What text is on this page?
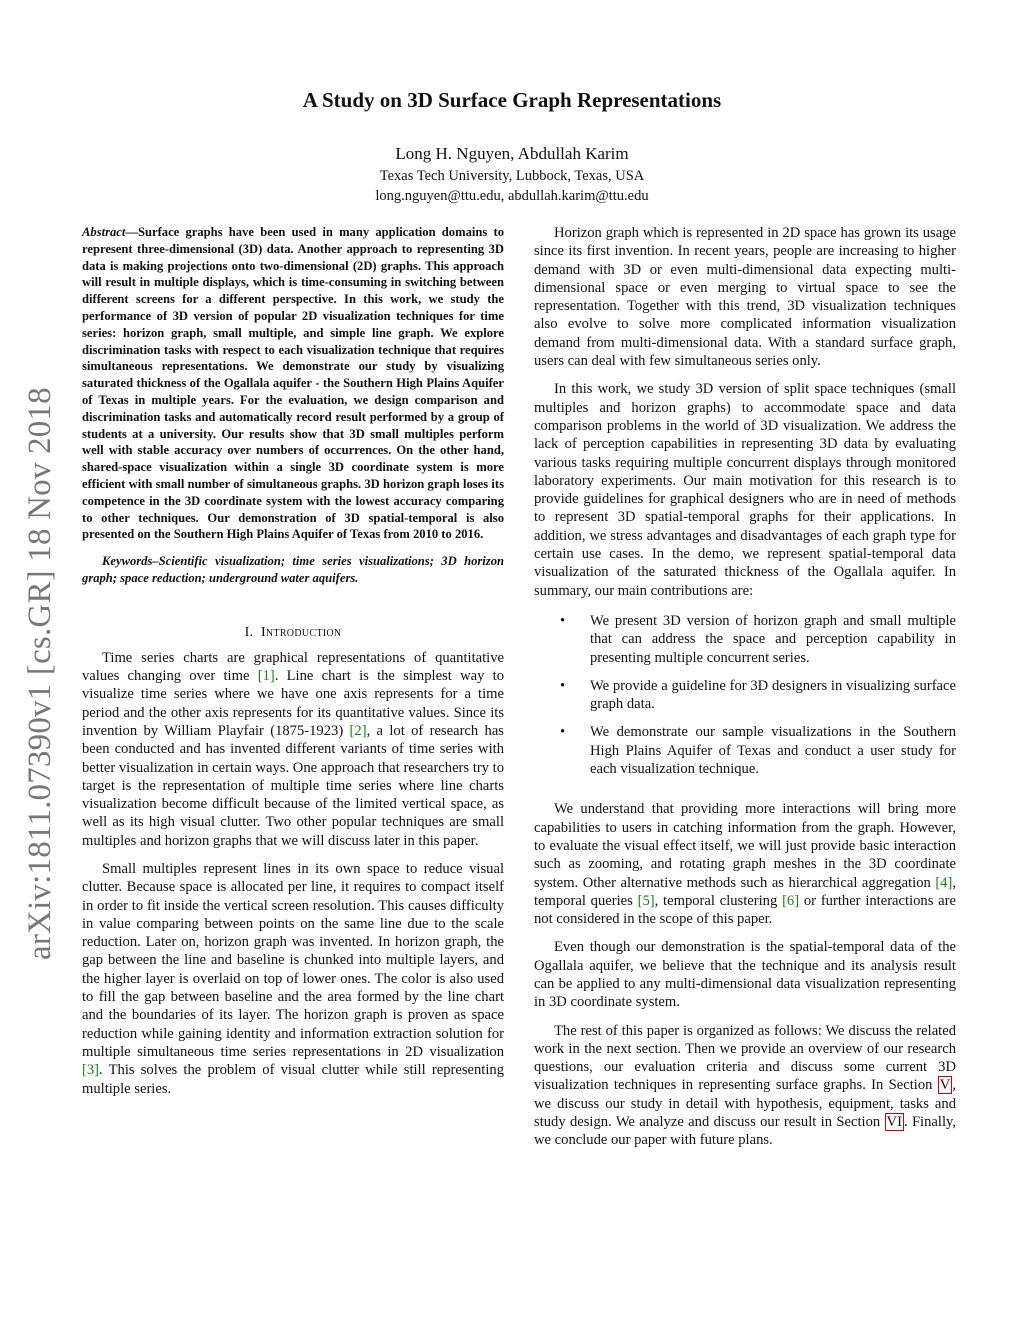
arXiv:1811.07390v1 [cs.GR] 18 Nov 2018
A Study on 3D Surface Graph Representations
Long H. Nguyen, Abdullah Karim
Texas Tech University, Lubbock, Texas, USA
long.nguyen@ttu.edu, abdullah.karim@ttu.edu

Abstract—Surface graphs have been used in many application domains to represent three-dimensional (3D) data. Another approach to representing 3D data is making projections onto two-dimensional (2D) graphs. This approach will result in multiple displays, which is time-consuming in switching between different screens for a different perspective. In this work, we study the performance of 3D version of popular 2D visualization techniques for time series: horizon graph, small multiple, and simple line graph. We explore discrimination tasks with respect to each visualization technique that requires simultaneous representations. We demonstrate our study by visualizing saturated thickness of the Ogallala aquifer - the Southern High Plains Aquifer of Texas in multiple years. For the evaluation, we design comparison and discrimination tasks and automatically record result performed by a group of students at a university. Our results show that 3D small multiples perform well with stable accuracy over numbers of occurrences. On the other hand, shared-space visualization within a single 3D coordinate system is more efficient with small number of simultaneous graphs. 3D horizon graph loses its competence in the 3D coordinate system with the lowest accuracy comparing to other techniques. Our demonstration of 3D spatial-temporal is also presented on the Southern High Plains Aquifer of Texas from 2010 to 2016.

Keywords–Scientific visualization; time series visualizations; 3D horizon graph; space reduction; underground water aquifers.

I. Introduction

Time series charts are graphical representations of quantitative values changing over time [1]. Line chart is the simplest way to visualize time series where we have one axis represents for a time period and the other axis represents for its quantitative values. Since its invention by William Playfair (1875-1923) [2], a lot of research has been conducted and has invented different variants of time series with better visualization in certain ways. One approach that researchers try to target is the representation of multiple time series where line charts visualization become difficult because of the limited vertical space, as well as its high visual clutter. Two other popular techniques are small multiples and horizon graphs that we will discuss later in this paper.

Small multiples represent lines in its own space to reduce visual clutter. Because space is allocated per line, it requires to compact itself in order to fit inside the vertical screen resolution. This causes difficulty in value comparing between points on the same line due to the scale reduction. Later on, horizon graph was invented. In horizon graph, the gap between the line and baseline is chunked into multiple layers, and the higher layer is overlaid on top of lower ones. The color is also used to fill the gap between baseline and the area formed by the line chart and the boundaries of its layer. The horizon graph is proven as space reduction while gaining identity and information extraction solution for multiple simultaneous time series representations in 2D visualization [3]. This solves the problem of visual clutter while still representing multiple series.

Horizon graph which is represented in 2D space has grown its usage since its first invention. In recent years, people are increasing to higher demand with 3D or even multi-dimensional data expecting multi-dimensional space or even merging to virtual space to see the representation. Together with this trend, 3D visualization techniques also evolve to solve more complicated information visualization demand from multi-dimensional data. With a standard surface graph, users can deal with few simultaneous series only.

In this work, we study 3D version of split space techniques (small multiples and horizon graphs) to accommodate space and data comparison problems in the world of 3D visualization. We address the lack of perception capabilities in representing 3D data by evaluating various tasks requiring multiple concurrent displays through monitored laboratory experiments. Our main motivation for this research is to provide guidelines for graphical designers who are in need of methods to represent 3D spatial-temporal graphs for their applications. In addition, we stress advantages and disadvantages of each graph type for certain use cases. In the demo, we represent spatial-temporal data visualization of the saturated thickness of the Ogallala aquifer. In summary, our main contributions are:

• We present 3D version of horizon graph and small multiple that can address the space and perception capability in presenting multiple concurrent series.
• We provide a guideline for 3D designers in visualizing surface graph data.
• We demonstrate our sample visualizations in the Southern High Plains Aquifer of Texas and conduct a user study for each visualization technique.

We understand that providing more interactions will bring more capabilities to users in catching information from the graph. However, to evaluate the visual effect itself, we will just provide basic interaction such as zooming, and rotating graph meshes in the 3D coordinate system. Other alternative methods such as hierarchical aggregation [4], temporal queries [5], temporal clustering [6] or further interactions are not considered in the scope of this paper.

Even though our demonstration is the spatial-temporal data of the Ogallala aquifer, we believe that the technique and its analysis result can be applied to any multi-dimensional data visualization representing in 3D coordinate system.

The rest of this paper is organized as follows: We discuss the related work in the next section. Then we provide an overview of our research questions, our evaluation criteria and discuss some current 3D visualization techniques in representing surface graphs. In Section V , we discuss our study in detail with hypothesis, equipment, tasks and study design. We analyze and discuss our result in Section VI . Finally, we conclude our paper with future plans.
